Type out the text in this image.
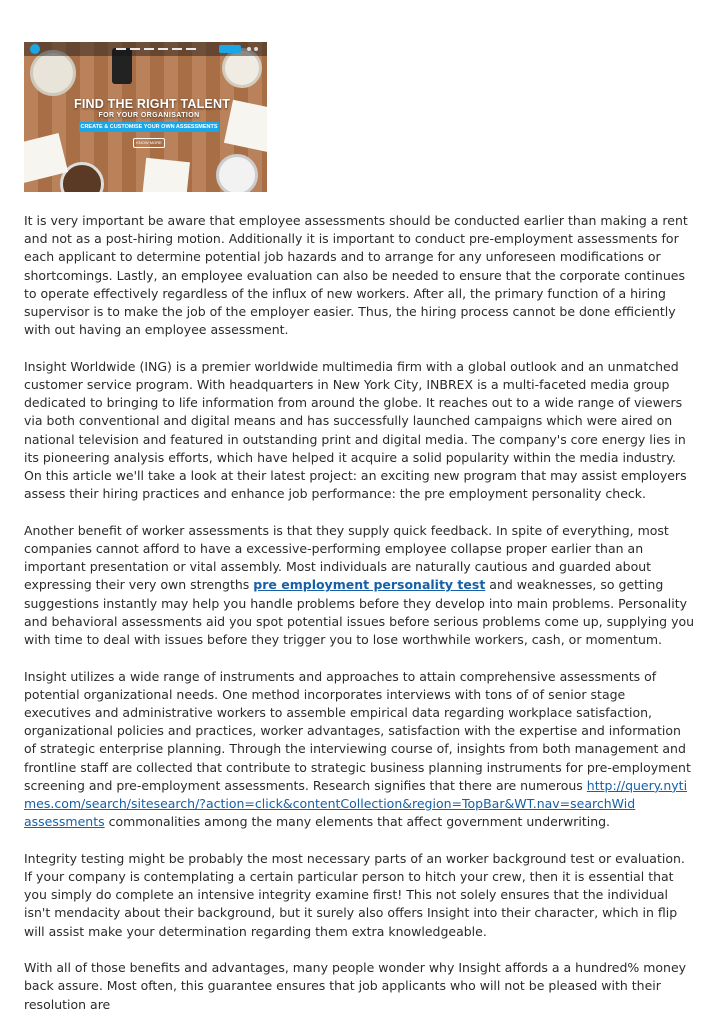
FIND THE RIGHT TALENT
FOR YOUR ORGANISATION
CREATE & CUSTOMISE YOUR OWN ASSESSMENTS
KNOW MORE

It is very important be aware that employee assessments should be conducted earlier than making a rent and not as a post-hiring motion. Additionally it is important to conduct pre-employment assessments for each applicant to determine potential job hazards and to arrange for any unforeseen modifications or shortcomings. Lastly, an employee evaluation can also be needed to ensure that the corporate continues to operate effectively regardless of the influx of new workers. After all, the primary function of a hiring supervisor is to make the job of the employer easier. Thus, the hiring process cannot be done efficiently with out having an employee assessment.

Insight Worldwide (ING) is a premier worldwide multimedia firm with a global outlook and an unmatched customer service program. With headquarters in New York City, INBREX is a multi-faceted media group dedicated to bringing to life information from around the globe. It reaches out to a wide range of viewers via both conventional and digital means and has successfully launched campaigns which were aired on national television and featured in outstanding print and digital media. The company's core energy lies in its pioneering analysis efforts, which have helped it acquire a solid popularity within the media industry. On this article we'll take a look at their latest project: an exciting new program that may assist employers assess their hiring practices and enhance job performance: the pre employment personality check.

Another benefit of worker assessments is that they supply quick feedback. In spite of everything, most companies cannot afford to have a excessive-performing employee collapse proper earlier than an important presentation or vital assembly. Most individuals are naturally cautious and guarded about expressing their very own strengths pre employment personality test and weaknesses, so getting suggestions instantly may help you handle problems before they develop into main problems. Personality and behavioral assessments aid you spot potential issues before serious problems come up, supplying you with time to deal with issues before they trigger you to lose worthwhile workers, cash, or momentum.

Insight utilizes a wide range of instruments and approaches to attain comprehensive assessments of potential organizational needs. One method incorporates interviews with tons of of senior stage executives and administrative workers to assemble empirical data regarding workplace satisfaction, organizational policies and practices, worker advantages, satisfaction with the expertise and information of strategic enterprise planning. Through the interviewing course of, insights from both management and frontline staff are collected that contribute to strategic business planning instruments for pre-employment screening and pre-employment assessments. Research signifies that there are numerous http://query.nytimes.com/search/sitesearch/?action=click&contentCollection&region=TopBar&WT.nav=searchWid
assessments commonalities among the many elements that affect government underwriting.

Integrity testing might be probably the most necessary parts of an worker background test or evaluation. If your company is contemplating a certain particular person to hitch your crew, then it is essential that you simply do complete an intensive integrity examine first! This not solely ensures that the individual isn't mendacity about their background, but it surely also offers Insight into their character, which in flip will assist make your determination regarding them extra knowledgeable.

With all of those benefits and advantages, many people wonder why Insight affords a a hundred% money back assure. Most often, this guarantee ensures that job applicants who will not be pleased with their resolution are
